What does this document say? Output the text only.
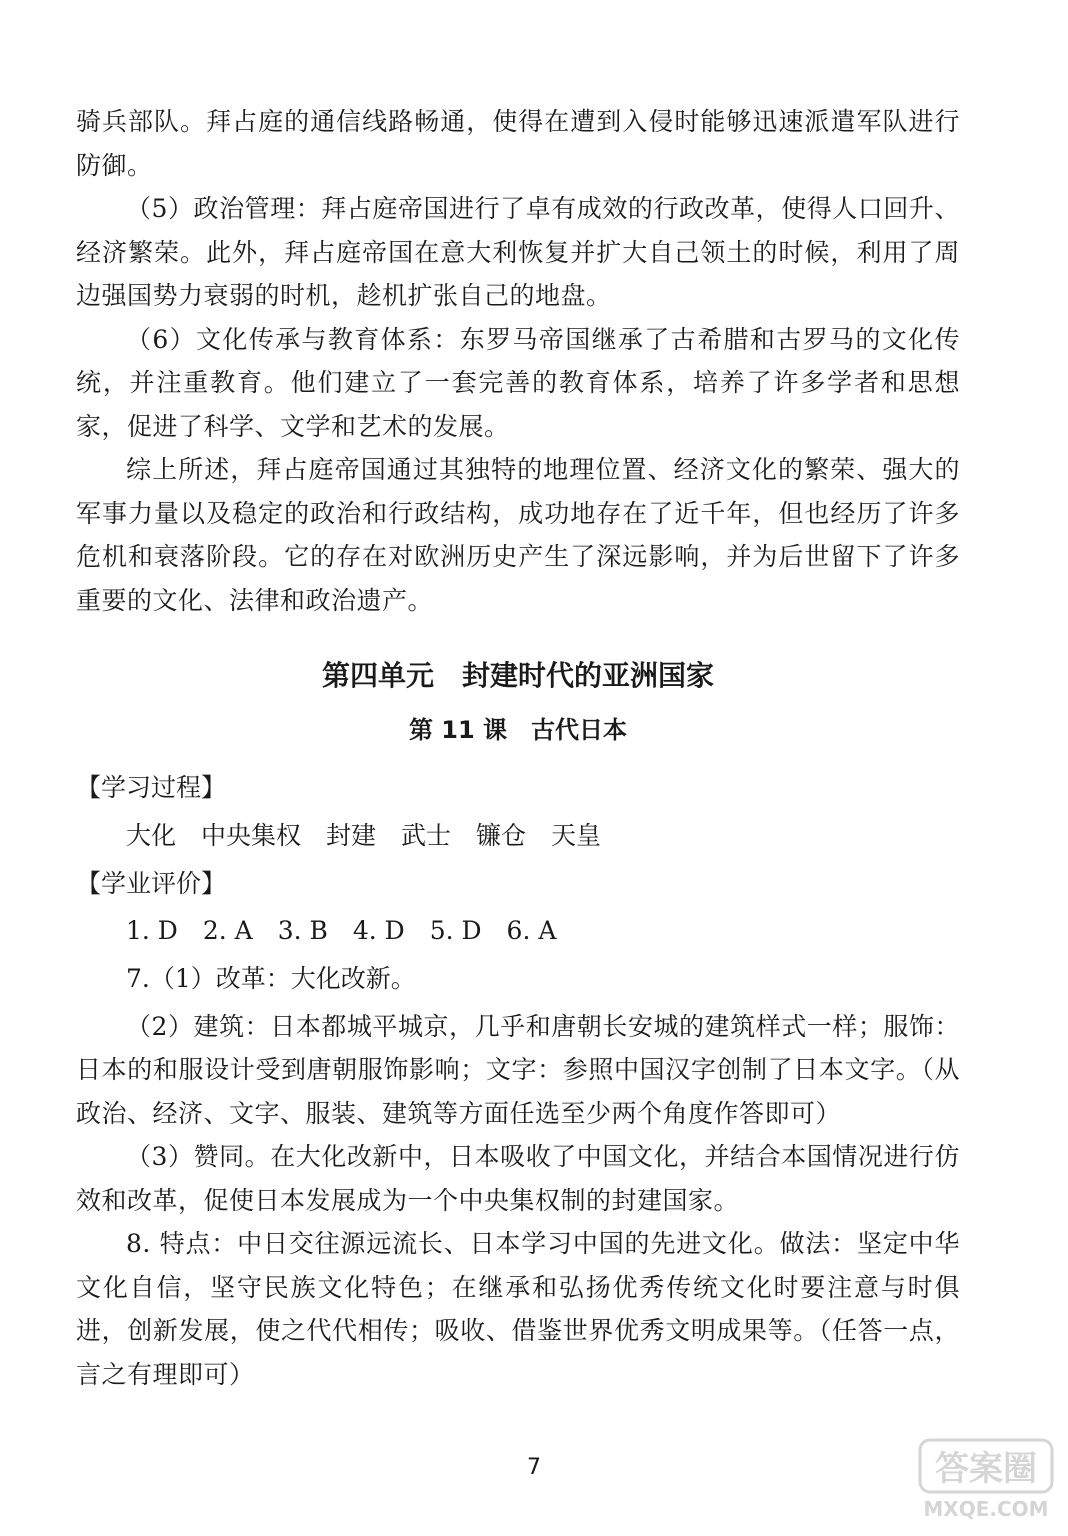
骑兵部队。拜占庭的通信线路畅通，使得在遭到入侵时能够迅速派遣军队进行防御。

（5）政治管理：拜占庭帝国进行了卓有成效的行政改革，使得人口回升、经济繁荣。此外，拜占庭帝国在意大利恢复并扩大自己领土的时候，利用了周边强国势力衰弱的时机，趁机扩张自己的地盘。

（6）文化传承与教育体系：东罗马帝国继承了古希腊和古罗马的文化传统，并注重教育。他们建立了一套完善的教育体系，培养了许多学者和思想家，促进了科学、文学和艺术的发展。

综上所述，拜占庭帝国通过其独特的地理位置、经济文化的繁荣、强大的军事力量以及稳定的政治和行政结构，成功地存在了近千年，但也经历了许多危机和衰落阶段。它的存在对欧洲历史产生了深远影响，并为后世留下了许多重要的文化、法律和政治遗产。

第四单元　封建时代的亚洲国家
第 11 课　古代日本
【学习过程】
大化　中央集权　封建　武士　镰仓　天皇
【学业评价】
1. D　2. A　3. B　4. D　5. D　6. A
7.（1）改革：大化改新。

（2）建筑：日本都城平城京，几乎和唐朝长安城的建筑样式一样；服饰：日本的和服设计受到唐朝服饰影响；文字：参照中国汉字创制了日本文字。（从政治、经济、文字、服装、建筑等方面任选至少两个角度作答即可）

（3）赞同。在大化改新中，日本吸收了中国文化，并结合本国情况进行仿效和改革，促使日本发展成为一个中央集权制的封建国家。

8. 特点：中日交往源远流长、日本学习中国的先进文化。做法：坚定中华文化自信，坚守民族文化特色；在继承和弘扬优秀传统文化时要注意与时俱进，创新发展，使之代代相传；吸收、借鉴世界优秀文明成果等。（任答一点，言之有理即可）

7	答案圈
MXQE.COM
